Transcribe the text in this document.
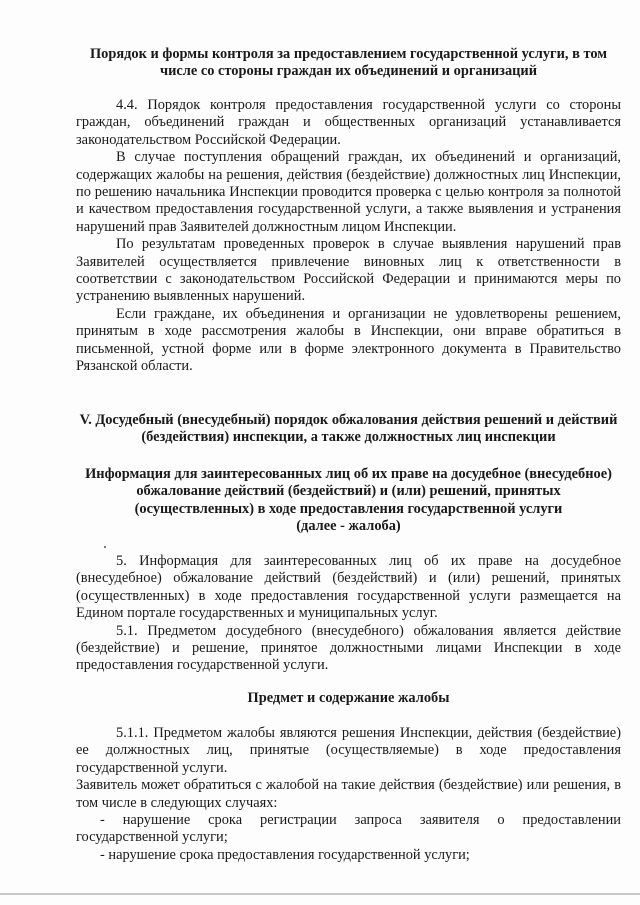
Порядок и формы контроля за предоставлением государственной услуги, в том числе со стороны граждан их объединений и организаций

4.4. Порядок контроля предоставления государственной услуги со стороны граждан, объединений граждан и общественных организаций устанавливается законодательством Российской Федерации.

В случае поступления обращений граждан, их объединений и организаций, содержащих жалобы на решения, действия (бездействие) должностных лиц Инспекции, по решению начальника Инспекции проводится проверка с целью контроля за полнотой и качеством предоставления государственной услуги, а также выявления и устранения нарушений прав Заявителей должностным лицом Инспекции.

По результатам проведенных проверок в случае выявления нарушений прав Заявителей осуществляется привлечение виновных лиц к ответственности в соответствии с законодательством Российской Федерации и принимаются меры по устранению выявленных нарушений.

Если граждане, их объединения и организации не удовлетворены решением, принятым в ходе рассмотрения жалобы в Инспекции, они вправе обратиться в письменной, устной форме или в форме электронного документа в Правительство Рязанской области.

V. Досудебный (внесудебный) порядок обжалования действия решений и действий (бездействия) инспекции, а также должностных лиц инспекции
Информация для заинтересованных лиц об их праве на досудебное (внесудебное) обжалование действий (бездействий) и (или) решений, принятых (осуществленных) в ходе предоставления государственной услуги
(далее - жалоба)

5. Информация для заинтересованных лиц об их праве на досудебное (внесудебное) обжалование действий (бездействий) и (или) решений, принятых (осуществленных) в ходе предоставления государственной услуги размещается на Едином портале государственных и муниципальных услуг.

5.1. Предметом досудебного (внесудебного) обжалования является действие (бездействие) и решение, принятое должностными лицами Инспекции в ходе предоставления государственной услуги.

Предмет и содержание жалобы

5.1.1. Предметом жалобы являются решения Инспекции, действия (бездействие) ее должностных лиц, принятые (осуществляемые) в ходе предоставления государственной услуги.

Заявитель может обратиться с жалобой на такие действия (бездействие) или решения, в том числе в следующих случаях:

- нарушение срока регистрации запроса заявителя о предоставлении государственной услуги;

- нарушение срока предоставления государственной услуги;
